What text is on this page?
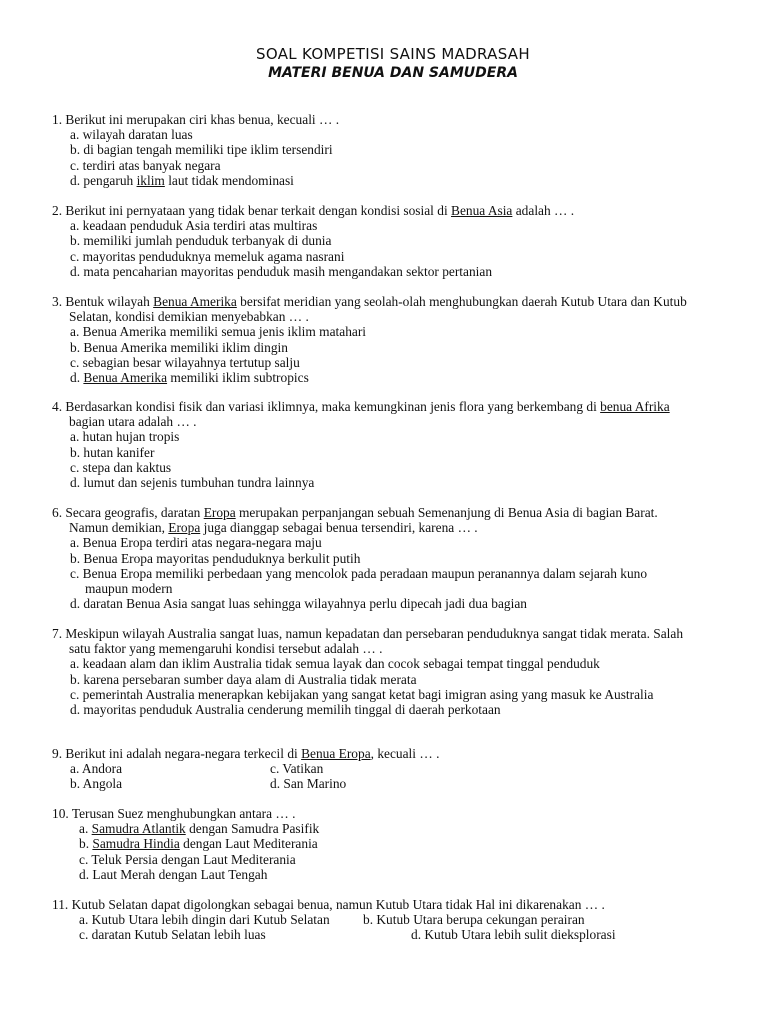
SOAL KOMPETISI SAINS MADRASAH
MATERI BENUA DAN SAMUDERA
1. Berikut ini merupakan ciri khas benua, kecuali … .
a. wilayah daratan luas
b. di bagian tengah memiliki tipe iklim tersendiri
c. terdiri atas banyak negara
d. pengaruh iklim laut tidak mendominasi
2. Berikut ini pernyataan yang tidak benar terkait dengan kondisi sosial di Benua Asia adalah … .
a. keadaan penduduk Asia terdiri atas multiras
b. memiliki jumlah penduduk terbanyak di dunia
c. mayoritas penduduknya memeluk agama nasrani
d. mata pencaharian mayoritas penduduk masih mengandakan sektor pertanian
3. Bentuk wilayah Benua Amerika bersifat meridian yang seolah-olah menghubungkan daerah Kutub Utara dan Kutub Selatan, kondisi demikian menyebabkan … .
a. Benua Amerika memiliki semua jenis iklim matahari
b. Benua Amerika memiliki iklim dingin
c. sebagian besar wilayahnya tertutup salju
d. Benua Amerika memiliki iklim subtropics
4. Berdasarkan kondisi fisik dan variasi iklimnya, maka kemungkinan jenis flora yang berkembang di benua Afrika bagian utara adalah … .
a. hutan hujan tropis
b. hutan kanifer
c. stepa dan kaktus
d. lumut dan sejenis tumbuhan tundra lainnya
6. Secara geografis, daratan Eropa merupakan perpanjangan sebuah Semenanjung di Benua Asia di bagian Barat. Namun demikian, Eropa juga dianggap sebagai benua tersendiri, karena … .
a. Benua Eropa terdiri atas negara-negara maju
b. Benua Eropa mayoritas penduduknya berkulit putih
c. Benua Eropa memiliki perbedaan yang mencolok pada peradaan maupun peranannya dalam sejarah kuno maupun modern
d. daratan Benua Asia sangat luas sehingga wilayahnya perlu dipecah jadi dua bagian
7. Meskipun wilayah Australia sangat luas, namun kepadatan dan persebaran penduduknya sangat tidak merata. Salah satu faktor yang memengaruhi kondisi tersebut adalah … .
a. keadaan alam dan iklim Australia tidak semua layak dan cocok sebagai tempat tinggal penduduk
b. karena persebaran sumber daya alam di Australia tidak merata
c. pemerintah Australia menerapkan kebijakan yang sangat ketat bagi imigran asing yang masuk ke Australia
d. mayoritas penduduk Australia cenderung memilih tinggal di daerah perkotaan
9. Berikut ini adalah negara-negara terkecil di Benua Eropa, kecuali … .
a. Andora	c. Vatikan
b. Angola	d. San Marino
10. Terusan Suez menghubungkan antara … .
a. Samudra Atlantik dengan Samudra Pasifik
b. Samudra Hindia dengan Laut Mediterania
c. Teluk Persia dengan Laut Mediterania
d. Laut Merah dengan Laut Tengah
11. Kutub Selatan dapat digolongkan sebagai benua, namun Kutub Utara tidak Hal ini dikarenakan … .
a. Kutub Utara lebih dingin dari Kutub Selatan	b. Kutub Utara berupa cekungan perairan
c. daratan Kutub Selatan lebih luas	d. Kutub Utara lebih sulit dieksplorasi
